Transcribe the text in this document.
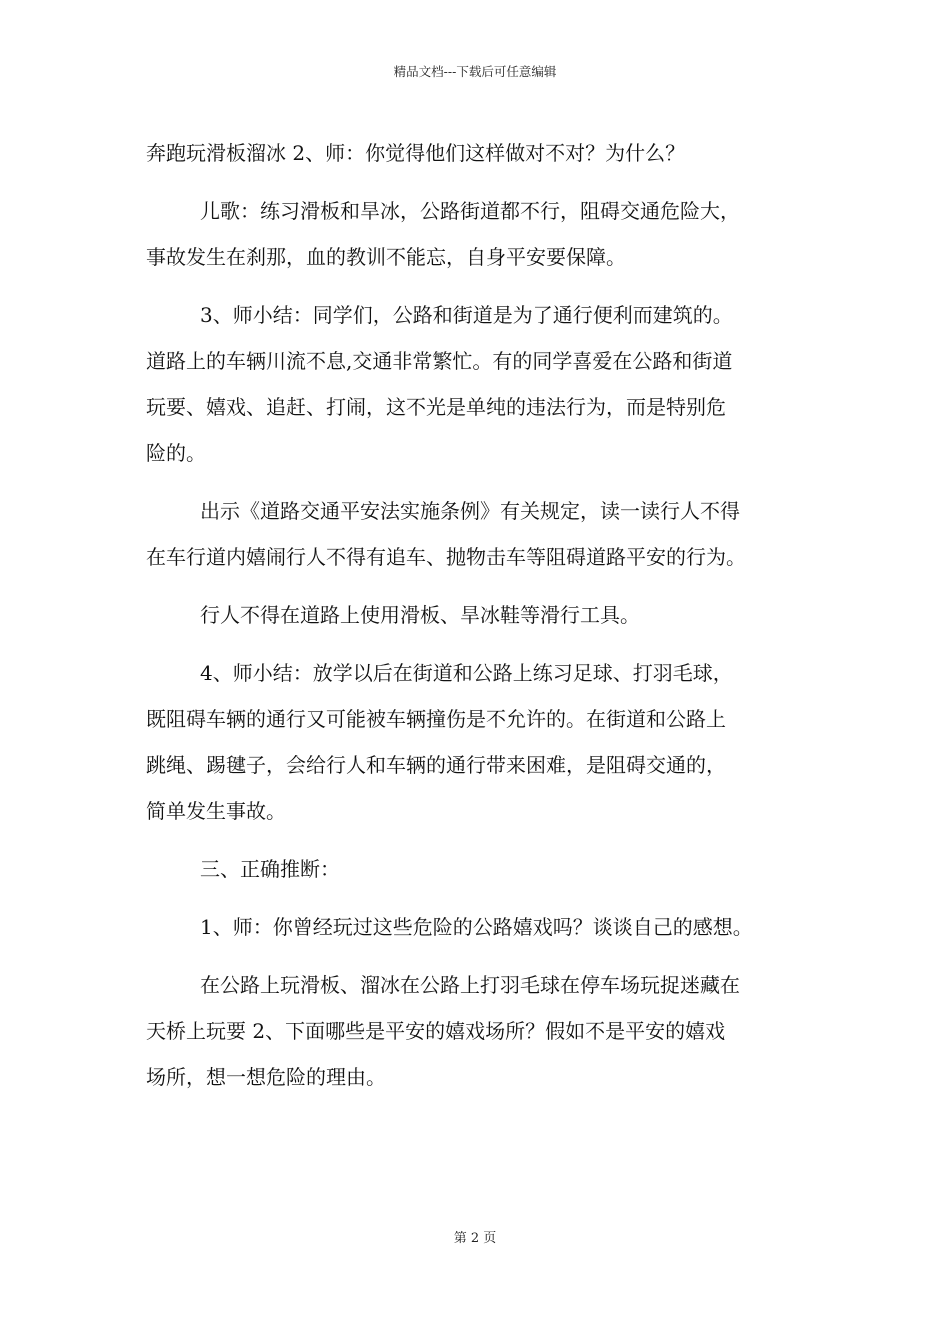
精品文档---下载后可任意编辑
奔跑玩滑板溜冰 2、师：你觉得他们这样做对不对？为什么？
儿歌：练习滑板和旱冰，公路街道都不行，阻碍交通危险大，
事故发生在刹那，血的教训不能忘，自身平安要保障。
3、师小结：同学们，公路和街道是为了通行便利而建筑的。
道路上的车辆川流不息,交通非常繁忙。有的同学喜爱在公路和街道
玩要、嬉戏、追赶、打闹，这不光是单纯的违法行为，而是特别危
险的。
出示《道路交通平安法实施条例》有关规定，读一读行人不得
在车行道内嬉闹行人不得有追车、抛物击车等阻碍道路平安的行为。
行人不得在道路上使用滑板、旱冰鞋等滑行工具。
4、师小结：放学以后在街道和公路上练习足球、打羽毛球，
既阻碍车辆的通行又可能被车辆撞伤是不允许的。在街道和公路上
跳绳、踢毽子，会给行人和车辆的通行带来困难，是阻碍交通的，
简单发生事故。
三、正确推断：
1、师：你曾经玩过这些危险的公路嬉戏吗？谈谈自己的感想。
在公路上玩滑板、溜冰在公路上打羽毛球在停车场玩捉迷藏在
天桥上玩要 2、下面哪些是平安的嬉戏场所？假如不是平安的嬉戏
场所，想一想危险的理由。
第 2 页
